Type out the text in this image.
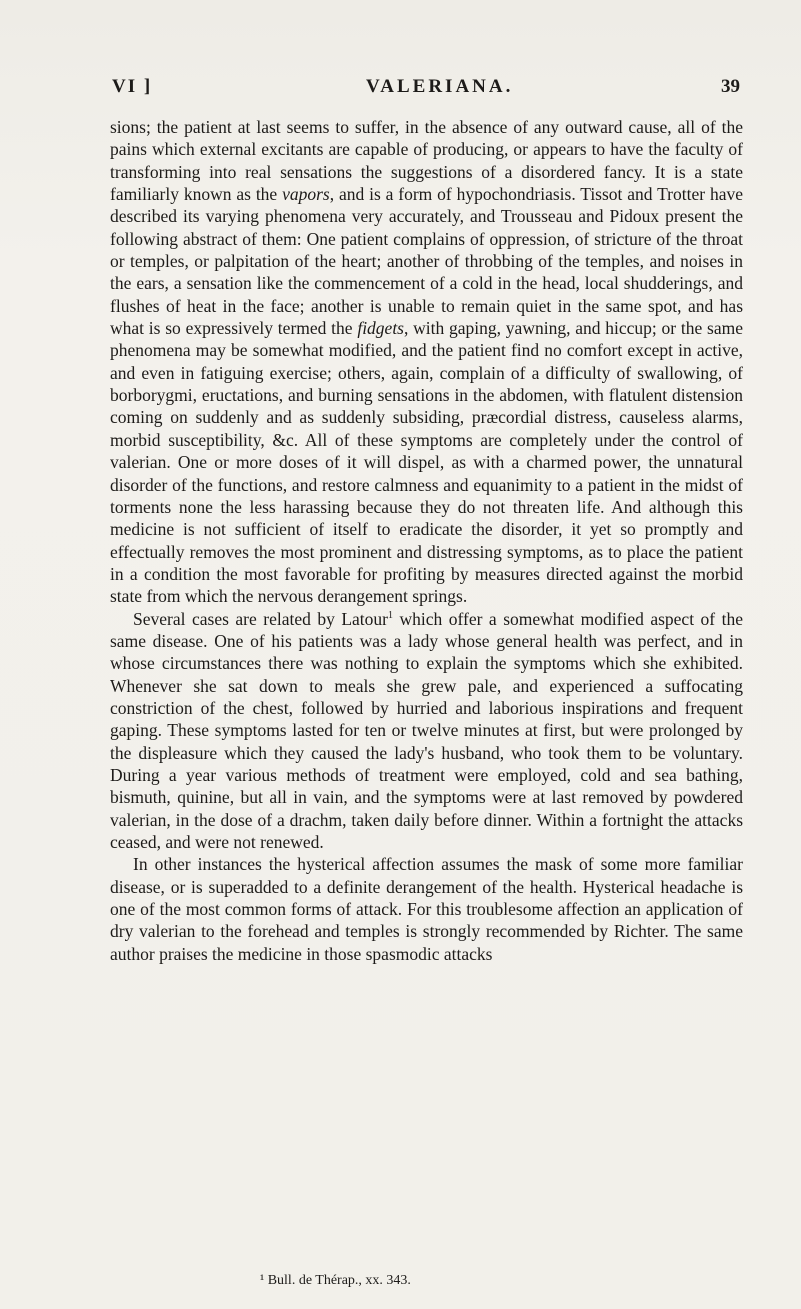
VI ]	VALERIANA.	39

sions; the patient at last seems to suffer, in the absence of any outward cause, all of the pains which external excitants are capable of producing, or appears to have the faculty of transforming into real sensations the suggestions of a disordered fancy. It is a state familiarly known as the vapors, and is a form of hypochondriasis. Tissot and Trotter have described its varying phenomena very accurately, and Trousseau and Pidoux present the following abstract of them: One patient complains of oppression, of stricture of the throat or temples, or palpitation of the heart; another of throbbing of the temples, and noises in the ears, a sensation like the commencement of a cold in the head, local shudderings, and flushes of heat in the face; another is unable to remain quiet in the same spot, and has what is so expressively termed the fidgets, with gaping, yawning, and hiccup; or the same phenomena may be somewhat modified, and the patient find no comfort except in active, and even in fatiguing exercise; others, again, complain of a difficulty of swallowing, of borborygmi, eructations, and burning sensations in the abdomen, with flatulent distension coming on suddenly and as suddenly subsiding, præcordial distress, causeless alarms, morbid susceptibility, &c. All of these symptoms are completely under the control of valerian. One or more doses of it will dispel, as with a charmed power, the unnatural disorder of the functions, and restore calmness and equanimity to a patient in the midst of torments none the less harassing because they do not threaten life. And although this medicine is not sufficient of itself to eradicate the disorder, it yet so promptly and effectually removes the most prominent and distressing symptoms, as to place the patient in a condition the most favorable for profiting by measures directed against the morbid state from which the nervous derangement springs.

Several cases are related by Latour$^1$ which offer a somewhat modified aspect of the same disease. One of his patients was a lady whose general health was perfect, and in whose circumstances there was nothing to explain the symptoms which she exhibited. Whenever she sat down to meals she grew pale, and experienced a suffocating constriction of the chest, followed by hurried and laborious inspirations and frequent gaping. These symptoms lasted for ten or twelve minutes at first, but were prolonged by the displeasure which they caused the lady's husband, who took them to be voluntary. During a year various methods of treatment were employed, cold and sea bathing, bismuth, quinine, but all in vain, and the symptoms were at last removed by powdered valerian, in the dose of a drachm, taken daily before dinner. Within a fortnight the attacks ceased, and were not renewed.

In other instances the hysterical affection assumes the mask of some more familiar disease, or is superadded to a definite derangement of the health. Hysterical headache is one of the most common forms of attack. For this troublesome affection an application of dry valerian to the forehead and temples is strongly recommended by Richter. The same author praises the medicine in those spasmodic attacks

¹ Bull. de Thérap., xx. 343.
